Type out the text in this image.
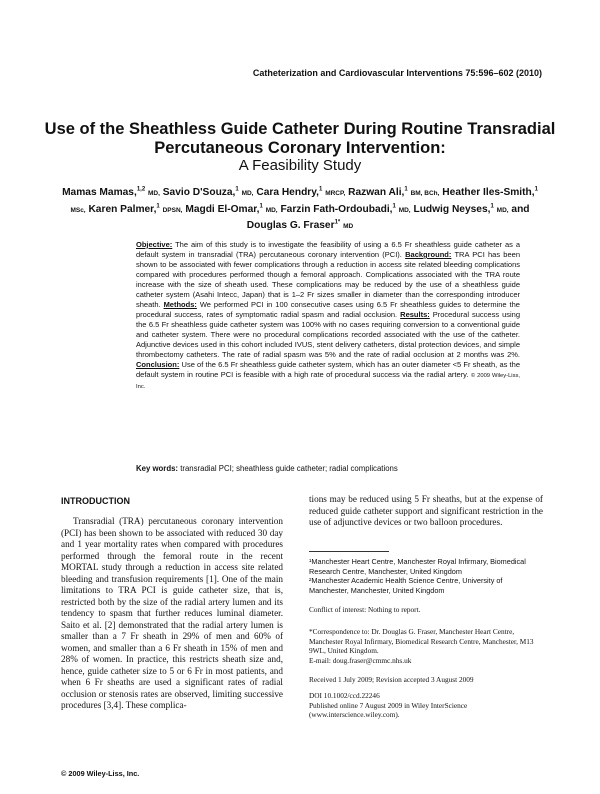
Catheterization and Cardiovascular Interventions 75:596–602 (2010)
Use of the Sheathless Guide Catheter During Routine Transradial Percutaneous Coronary Intervention:
A Feasibility Study
Mamas Mamas,$^{1,2}$ MD, Savio D'Souza,$^1$ MD, Cara Hendry,$^1$ MRCP, Razwan Ali,$^1$ BM, BCh, Heather Iles-Smith,$^1$ MSc, Karen Palmer,$^1$ DPSN, Magdi El-Omar,$^1$ MD, Farzin Fath-Ordoubadi,$^1$ MD, Ludwig Neyses,$^1$ MD, and Douglas G. Fraser$^{1*}$ MD
Objective: The aim of this study is to investigate the feasibility of using a 6.5 Fr sheathless guide catheter as a default system in transradial (TRA) percutaneous coronary intervention (PCI). Background: TRA PCI has been shown to be associated with fewer complications through a reduction in access site related bleeding complications compared with procedures performed though a femoral approach. Complications associated with the TRA route increase with the size of sheath used. These complications may be reduced by the use of a sheathless guide catheter system (Asahi Intecc, Japan) that is 1–2 Fr sizes smaller in diameter than the corresponding introducer sheath. Methods: We performed PCI in 100 consecutive cases using 6.5 Fr sheathless guides to determine the procedural success, rates of symptomatic radial spasm and radial occlusion. Results: Procedural success using the 6.5 Fr sheathless guide catheter system was 100% with no cases requiring conversion to a conventional guide and catheter system. There were no procedural complications recorded associated with the use of the catheter. Adjunctive devices used in this cohort included IVUS, stent delivery catheters, distal protection devices, and simple thrombectomy catheters. The rate of radial spasm was 5% and the rate of radial occlusion at 2 months was 2%. Conclusion: Use of the 6.5 Fr sheathless guide catheter system, which has an outer diameter <5 Fr sheath, as the default system in routine PCI is feasible with a high rate of procedural success via the radial artery. © 2009 Wiley-Liss, Inc.
Key words: transradial PCI; sheathless guide catheter; radial complications
INTRODUCTION

Transradial (TRA) percutaneous coronary intervention (PCI) has been shown to be associated with reduced 30 day and 1 year mortality rates when compared with procedures performed through the femoral route in the recent MORTAL study through a reduction in access site related bleeding and transfusion requirements [1]. One of the main limitations to TRA PCI is guide catheter size, that is, restricted both by the size of the radial artery lumen and its tendency to spasm that further reduces luminal diameter. Saito et al. [2] demonstrated that the radial artery lumen is smaller than a 7 Fr sheath in 29% of men and 60% of women, and smaller than a 6 Fr sheath in 15% of men and 28% of women. In practice, this restricts sheath size and, hence, guide catheter size to 5 or 6 Fr in most patients, and when 6 Fr sheaths are used a significant rates of radial occlusion or stenosis rates are observed, limiting successive procedures [3,4]. These complica-

tions may be reduced using 5 Fr sheaths, but at the expense of reduced guide catheter support and significant restriction in the use of adjunctive devices or two balloon procedures.

¹Manchester Heart Centre, Manchester Royal Infirmary, Biomedical Research Centre, Manchester, United Kingdom
²Manchester Academic Health Science Centre, University of Manchester, Manchester, United Kingdom
Conflict of interest: Nothing to report.

*Correspondence to: Dr. Douglas G. Fraser, Manchester Heart Centre, Manchester Royal Infirmary, Biomedical Research Centre, Manchester, M13 9WL, United Kingdom.

E-mail: doug.fraser@cmmc.nhs.uk

Received 1 July 2009; Revision accepted 3 August 2009

DOI 10.1002/ccd.22246

Published online 7 August 2009 in Wiley InterScience (www.interscience.wiley.com).

© 2009 Wiley-Liss, Inc.
